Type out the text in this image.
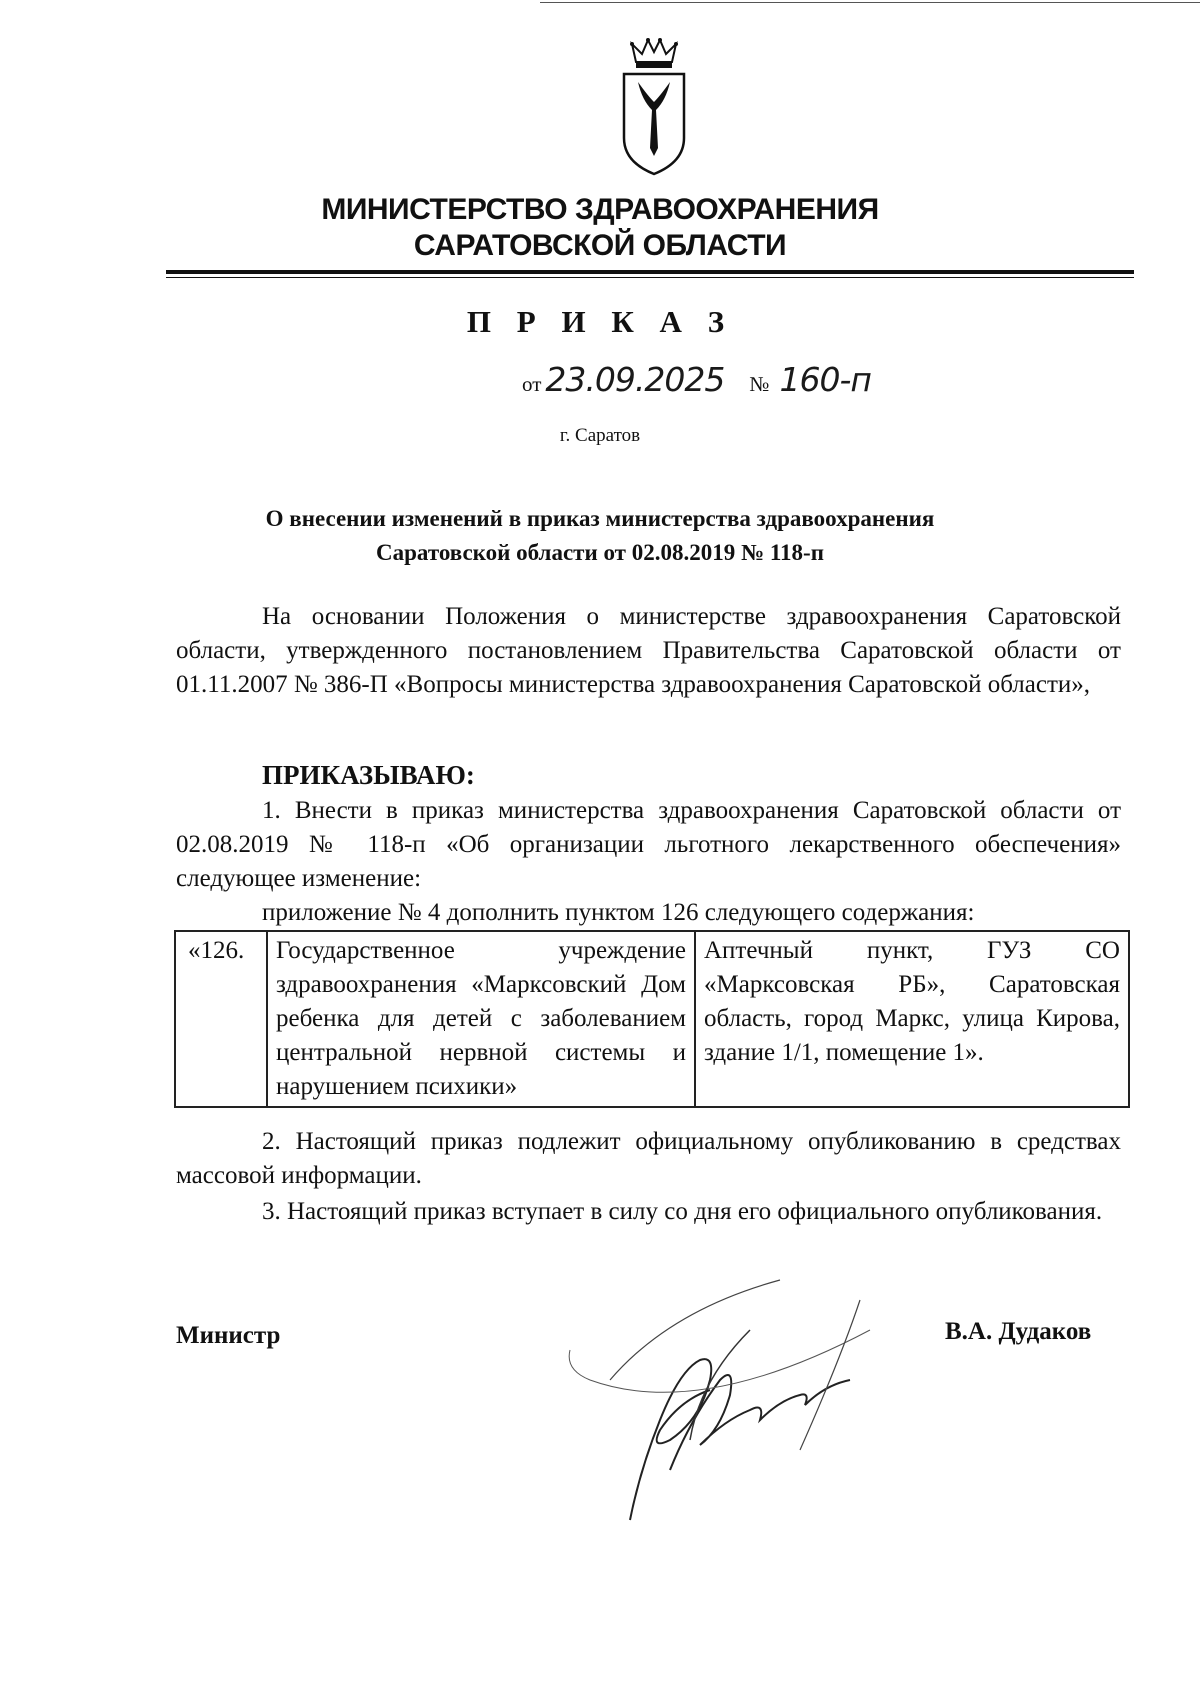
МИНИСТЕРСТВО ЗДРАВООХРАНЕНИЯ
САРАТОВСКОЙ ОБЛАСТИ
П Р И К А З
от 23.09.2025 № 160-п
г. Саратов
О внесении изменений в приказ министерства здравоохранения
Саратовской области от 02.08.2019 № 118-п
На основании Положения о министерстве здравоохранения Саратовской области, утвержденного постановлением Правительства Саратовской области от 01.11.2007 № 386-П «Вопросы министерства здравоохранения Саратовской области»,
ПРИКАЗЫВАЮ:
1. Внести в приказ министерства здравоохранения Саратовской области от 02.08.2019 № 118-п «Об организации льготного лекарственного обеспечения» следующее изменение:
приложение № 4 дополнить пунктом 126 следующего содержания:
«126.	Государственное учреждение здравоохранения «Марксовский Дом ребенка для детей с заболеванием центральной нервной системы и нарушением психики»	Аптечный пункт, ГУЗ СО «Марксовская РБ», Саратовская область, город Маркс, улица Кирова, здание 1/1, помещение 1».
2. Настоящий приказ подлежит официальному опубликованию в средствах массовой информации.
3. Настоящий приказ вступает в силу со дня его официального опубликования.
Министр	В.А. Дудаков
